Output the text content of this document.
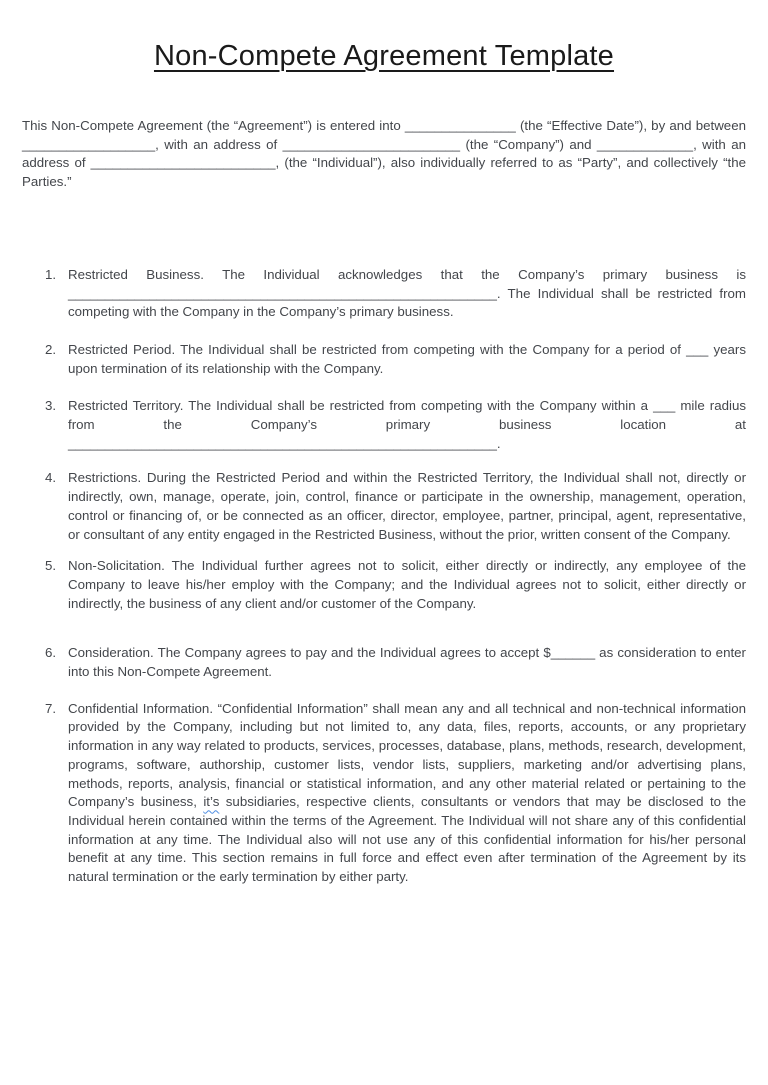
Non-Compete Agreement Template

This Non-Compete Agreement (the “Agreement”) is entered into _______________ (the “Effective Date”), by and between __________________, with an address of ________________________ (the “Company”) and _____________, with an address of _________________________, (the “Individual”), also individually referred to as “Party”, and collectively “the Parties.”

1. Restricted Business. The Individual acknowledges that the Company’s primary business is __________________________________________________________. The Individual shall be restricted from competing with the Company in the Company’s primary business.
2. Restricted Period. The Individual shall be restricted from competing with the Company for a period of ___ years upon termination of its relationship with the Company.
3. Restricted Territory. The Individual shall be restricted from competing with the Company within a ___ mile radius from the Company’s primary business location at __________________________________________________________.
4. Restrictions. During the Restricted Period and within the Restricted Territory, the Individual shall not, directly or indirectly, own, manage, operate, join, control, finance or participate in the ownership, management, operation, control or financing of, or be connected as an officer, director, employee, partner, principal, agent, representative, or consultant of any entity engaged in the Restricted Business, without the prior, written consent of the Company.
5. Non-Solicitation. The Individual further agrees not to solicit, either directly or indirectly, any employee of the Company to leave his/her employ with the Company; and the Individual agrees not to solicit, either directly or indirectly, the business of any client and/or customer of the Company.
6. Consideration. The Company agrees to pay and the Individual agrees to accept $______ as consideration to enter into this Non-Compete Agreement.
7. Confidential Information. “Confidential Information” shall mean any and all technical and non-technical information provided by the Company, including but not limited to, any data, files, reports, accounts, or any proprietary information in any way related to products, services, processes, database, plans, methods, research, development, programs, software, authorship, customer lists, vendor lists, suppliers, marketing and/or advertising plans, methods, reports, analysis, financial or statistical information, and any other material related or pertaining to the Company’s business, it’s subsidiaries, respective clients, consultants or vendors that may be disclosed to the Individual herein contained within the terms of the Agreement. The Individual will not share any of this confidential information at any time. The Individual also will not use any of this confidential information for his/her personal benefit at any time. This section remains in full force and effect even after termination of the Agreement by its natural termination or the early termination by either party.
